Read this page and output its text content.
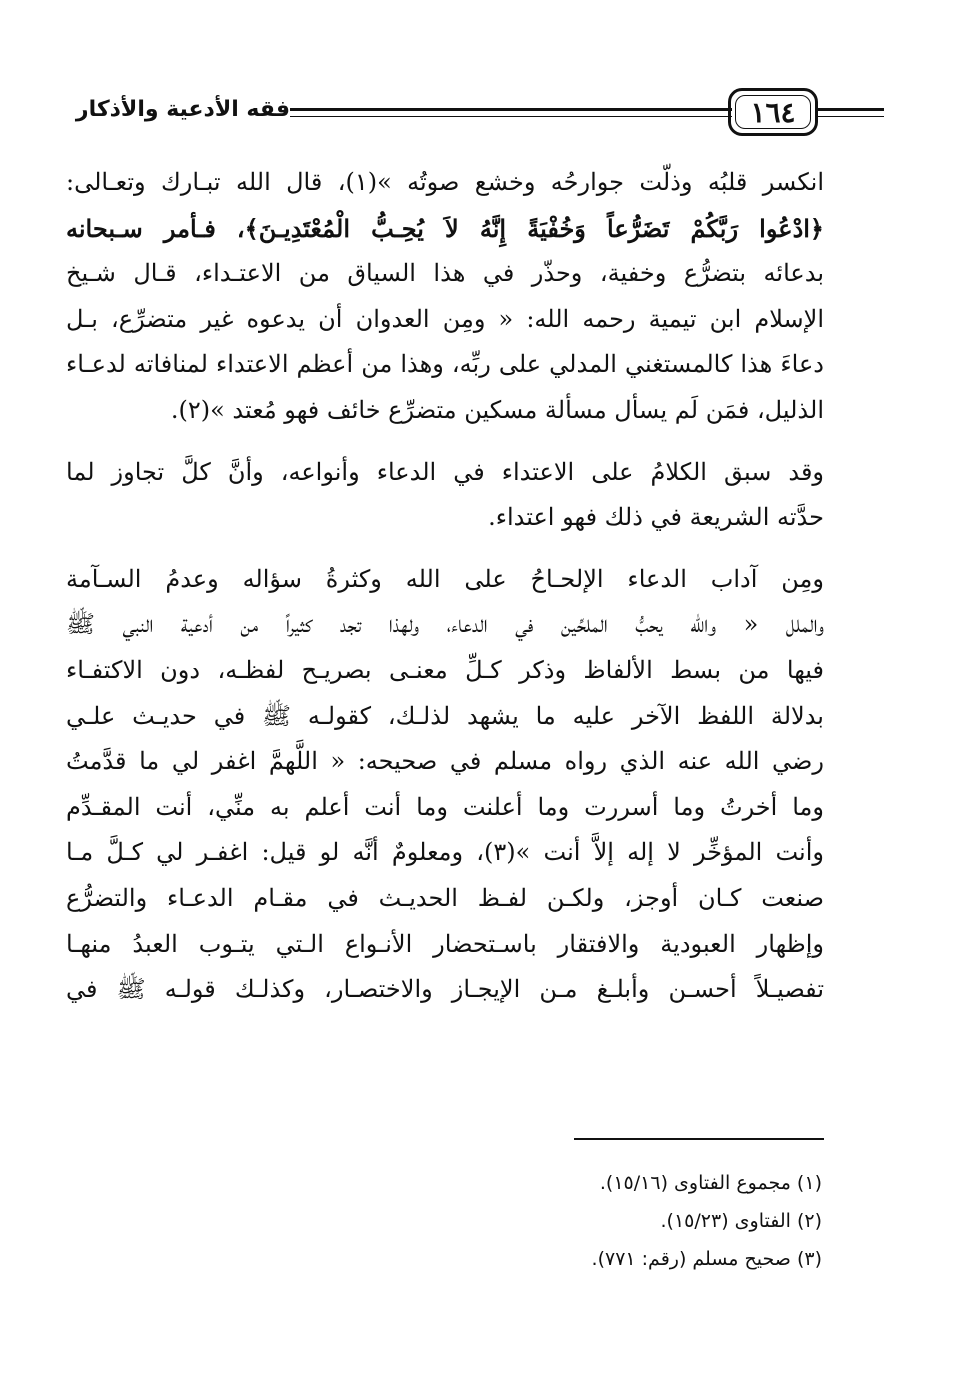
فقه الأدعية والأذكار	١٦٤
انكسر قلبُه وذلّت جوارحُه وخشع صوتُه »(١)، قال الله تبـارك وتعـالى:
﴿ادْعُوا رَبَّكُمْ تَضَرُّعاً وَخُفْيَةً إِنَّهُ لاَ يُحِـبُّ الْمُعْتَدِيـنَ﴾، فـأمر سـبحانه
بدعائه بتضرُّع وخفية، وحذّر في هذا السياق من الاعتـداء، قـال شـيخ
الإسلام ابن تيمية رحمه الله: « ومِن العدوان أن يدعوه غير متضرِّع، بـل
دعاءَ هذا كالمستغني المدلي على ربِّه، وهذا من أعظم الاعتداء لمنافاته لدعـاء
الذليل، فمَن لَم يسأل مسألة مسكين متضرِّع خائف فهو مُعتد »(٢).
وقد سبق الكلامُ على الاعتداء في الدعاء وأنواعه، وأنَّ كلَّ تجاوز لما
حدَّته الشريعة في ذلك فهو اعتداء.
ومِن آداب الدعاء الإلحـاحُ على الله وكثرةُ سؤاله وعدمُ السـآمة
والملل « والله يحبُّ الملحِّين في الدعاء، ولهذا تجد كثيراً من أدعية النبي ﷺ
فيها من بسط الألفاظ وذكر كـلِّ معنـى بصريـح لفظـه، دون الاكتفـاء
بدلالة اللفظ الآخر عليه ما يشهد لذلـك، كقولـه ﷺ في حديـث علـي
رضي الله عنه الذي رواه مسلم في صحيحه: « اللَّهمَّ اغفر لي ما قدَّمتُ
وما أخرتُ وما أسررت وما أعلنت وما أنت أعلم به منِّي، أنت المقـدِّم
وأنت المؤخِّر لا إله إلاَّ أنت »(٣)، ومعلومٌ أنَّه لو قيل: اغفـر لي كـلَّ مـا
صنعت كـان أوجز، ولكـن لفـظ الحديـث في مقـام الدعـاء والتضرُّع
وإظهار العبودية والافتقار باسـتحضار الأنـواع الـتي يتـوب العبدُ منهـا
تفصيـلاً أحسـن وأبلـغ مـن الإيجـاز والاختصـار، وكذلـك قولـه ﷺ في
(١) مجموع الفتاوى (١٥/١٦).
(٢) الفتاوى (١٥/٢٣).
(٣) صحيح مسلم (رقم: ٧٧١).
